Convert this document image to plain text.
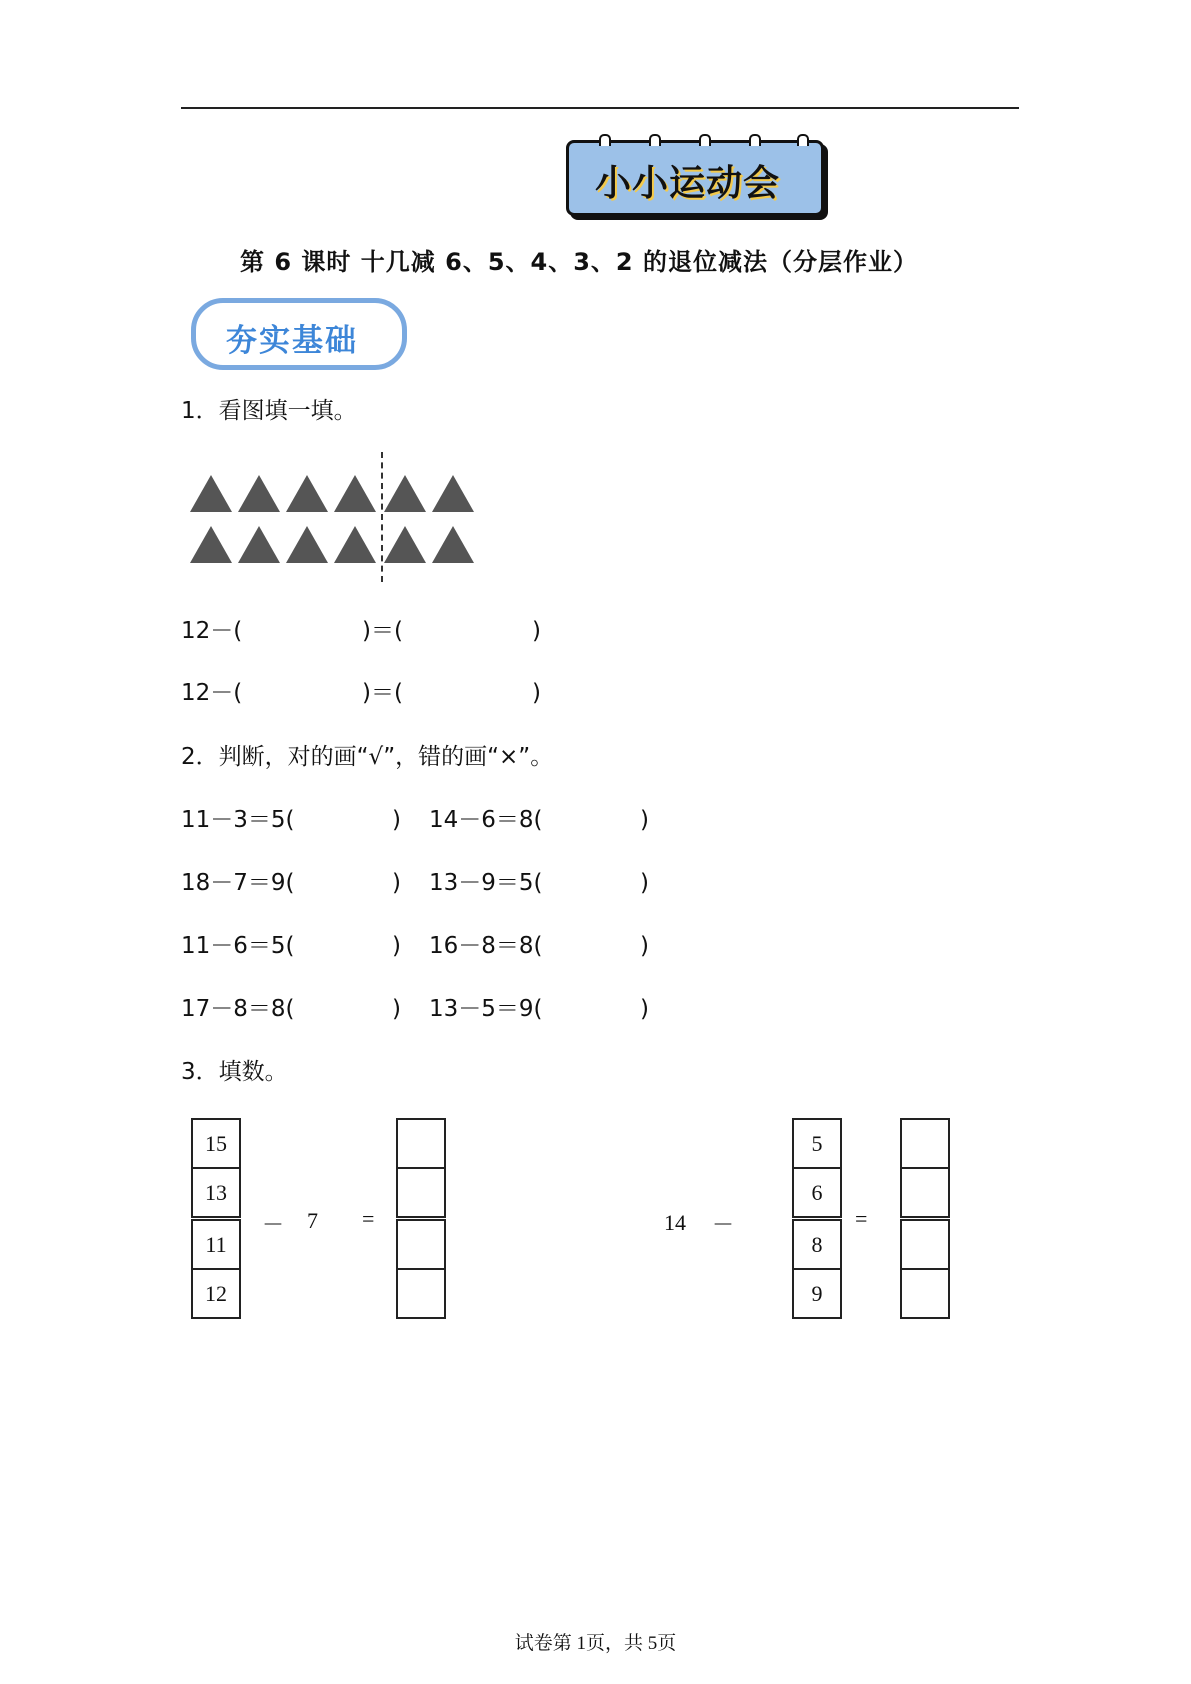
小小运动会
第 6 课时 十几减 6、5、4、3、2 的退位减法（分层作业）
夯实基础
1．看图填一填。
12－(	)＝(	)
12－(	)＝(	)
2．判断，对的画“√”，错的画“×”。
11－3＝5(	) 14－6＝8(	)
18－7＝9(	) 13－9＝5(	)
11－6＝5(	) 16－8＝8(	)
17－8＝8(	) 13－5＝9(	)
3．填数。
15
13
11
12
－ 7 =	14 －
5
6
8
9
=
试卷第 1页，共 5页
